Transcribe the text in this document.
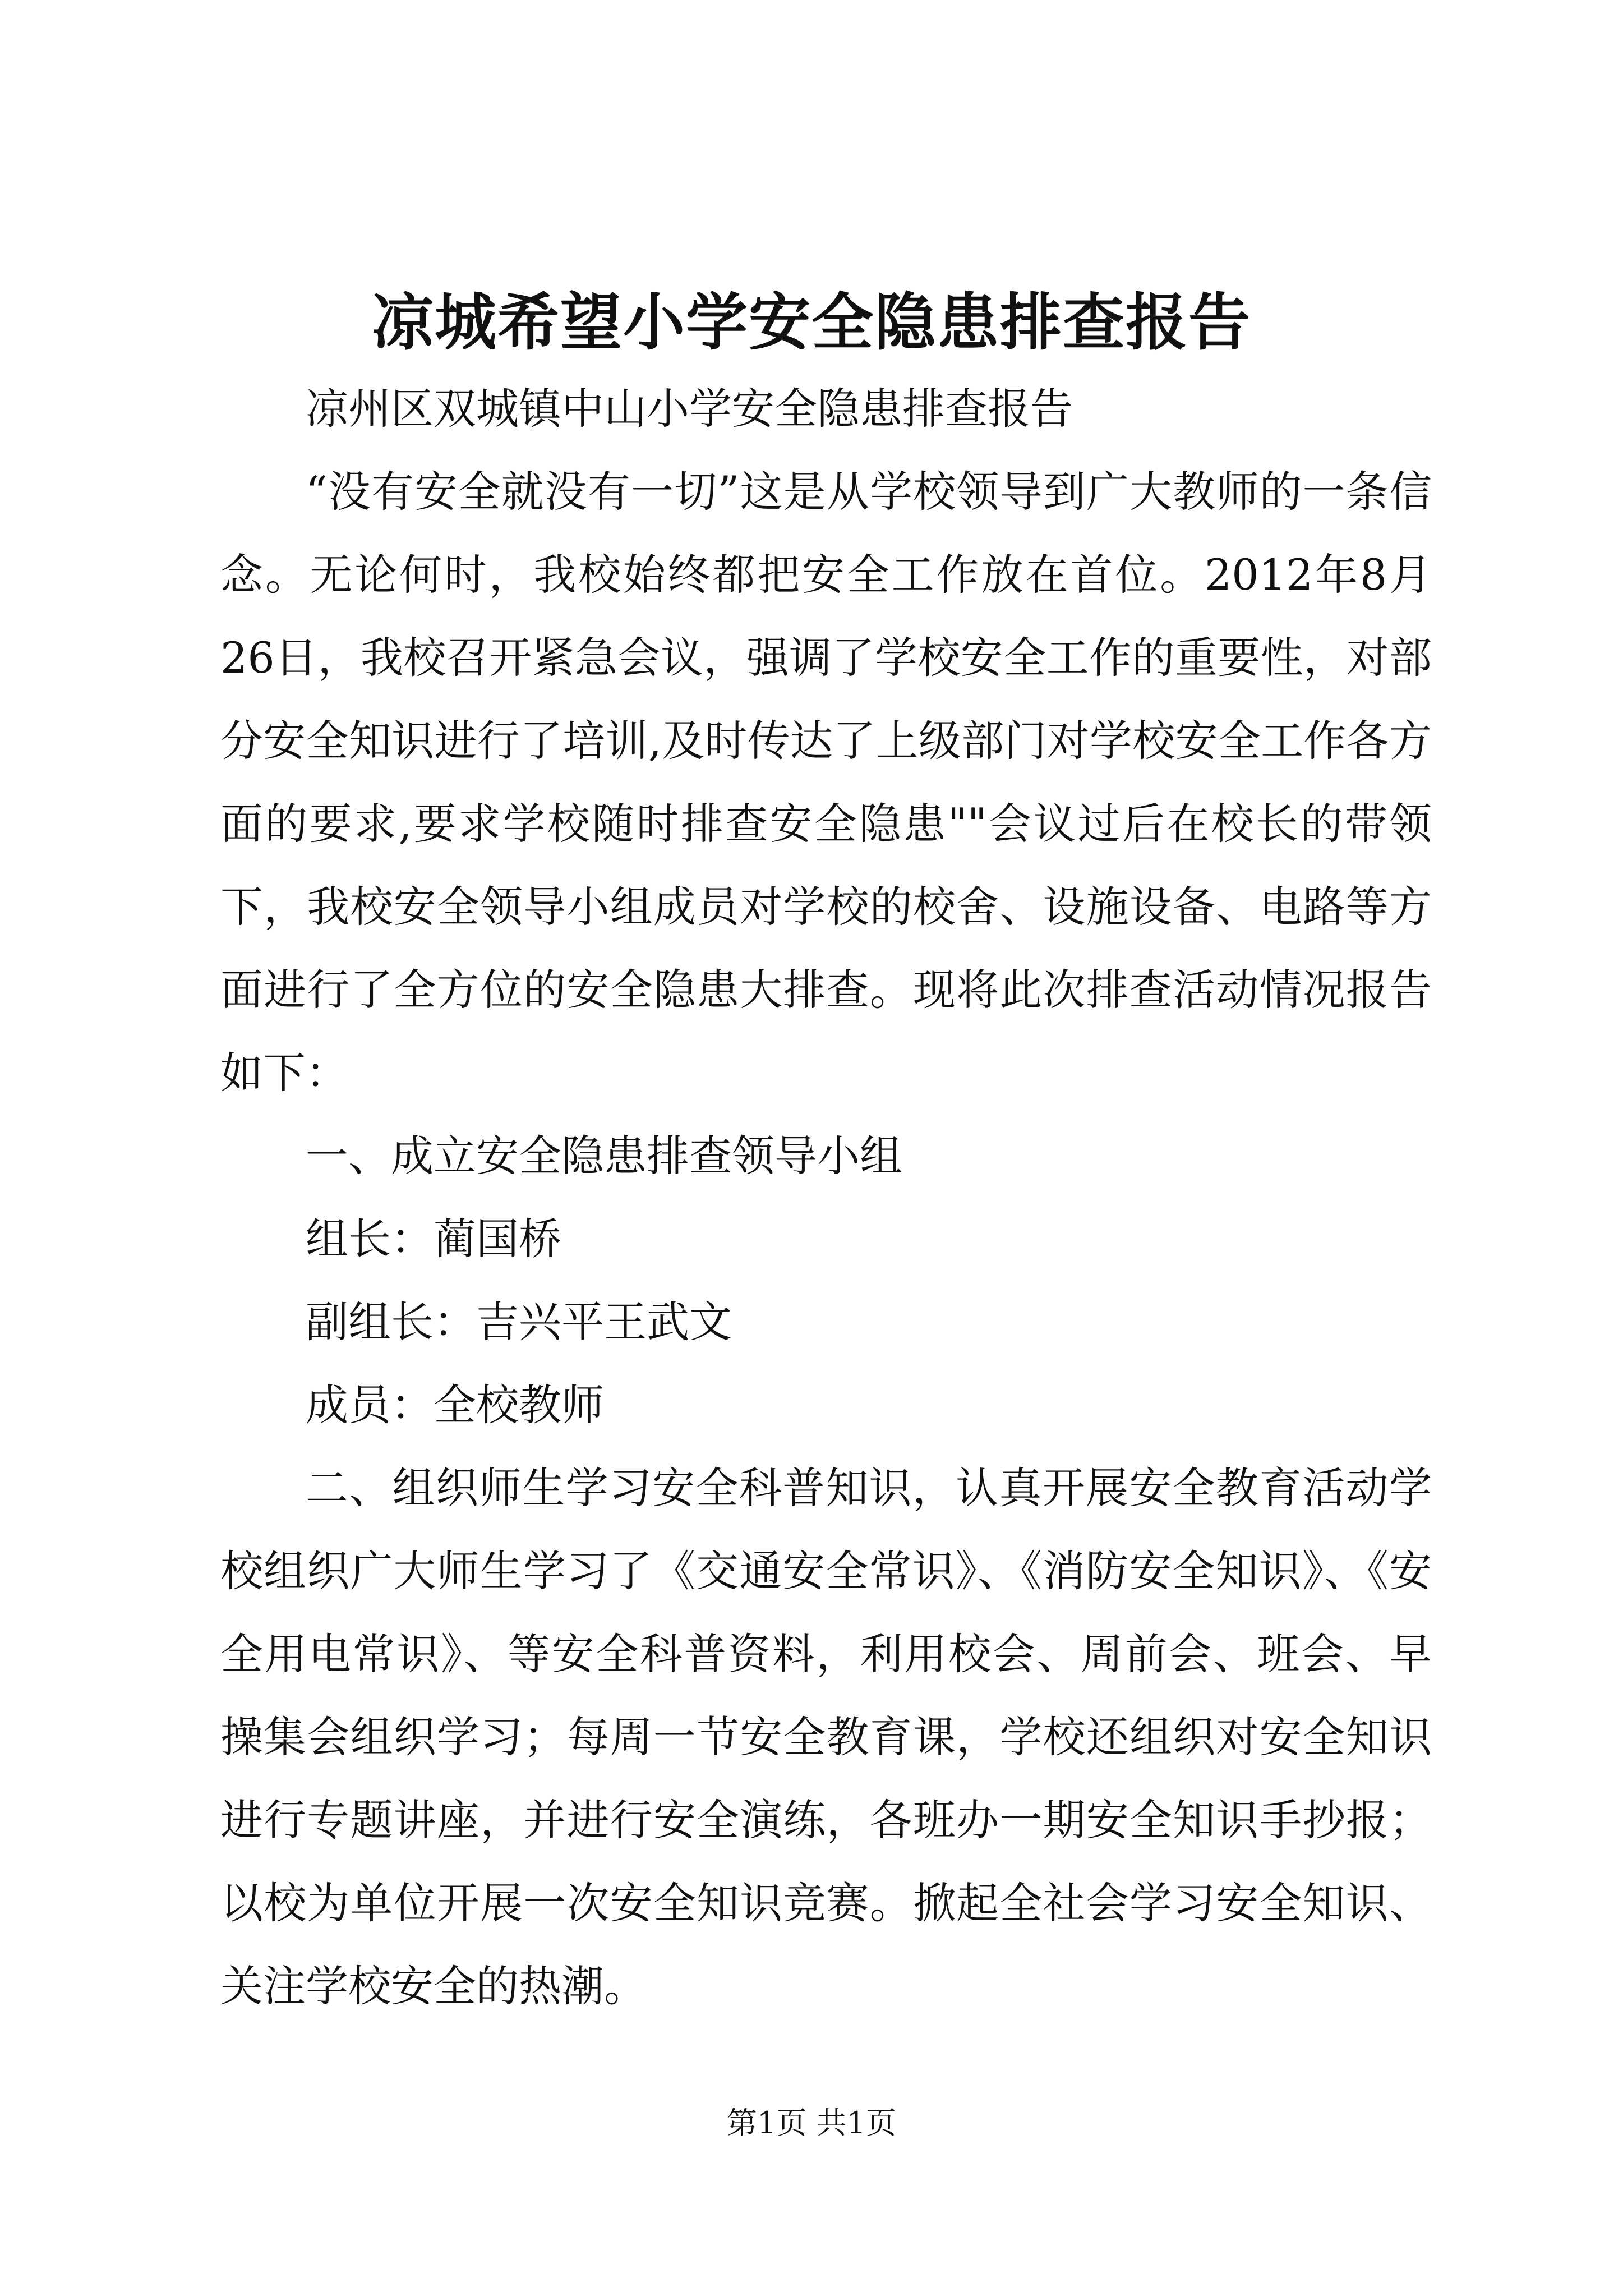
凉城希望小学安全隐患排查报告

凉州区双城镇中山小学安全隐患排查报告

“没有安全就没有一切”这是从学校领导到广大教师的一条信念。无论何时，我校始终都把安全工作放在首位。2012年8月26日，我校召开紧急会议，强调了学校安全工作的重要性，对部分安全知识进行了培训,及时传达了上级部门对学校安全工作各方面的要求,要求学校随时排查安全隐患""会议过后在校长的带领下，我校安全领导小组成员对学校的校舍、设施设备、电路等方面进行了全方位的安全隐患大排查。现将此次排查活动情况报告如下：

一、成立安全隐患排查领导小组

组长：蔺国桥

副组长：吉兴平王武文

成员：全校教师

二、组织师生学习安全科普知识，认真开展安全教育活动学校组织广大师生学习了《交通安全常识》、《消防安全知识》、《安全用电常识》、等安全科普资料，利用校会、周前会、班会、早操集会组织学习；每周一节安全教育课，学校还组织对安全知识进行专题讲座，并进行安全演练，各班办一期安全知识手抄报；以校为单位开展一次安全知识竞赛。掀起全社会学习安全知识、关注学校安全的热潮。

第1页 共1页
